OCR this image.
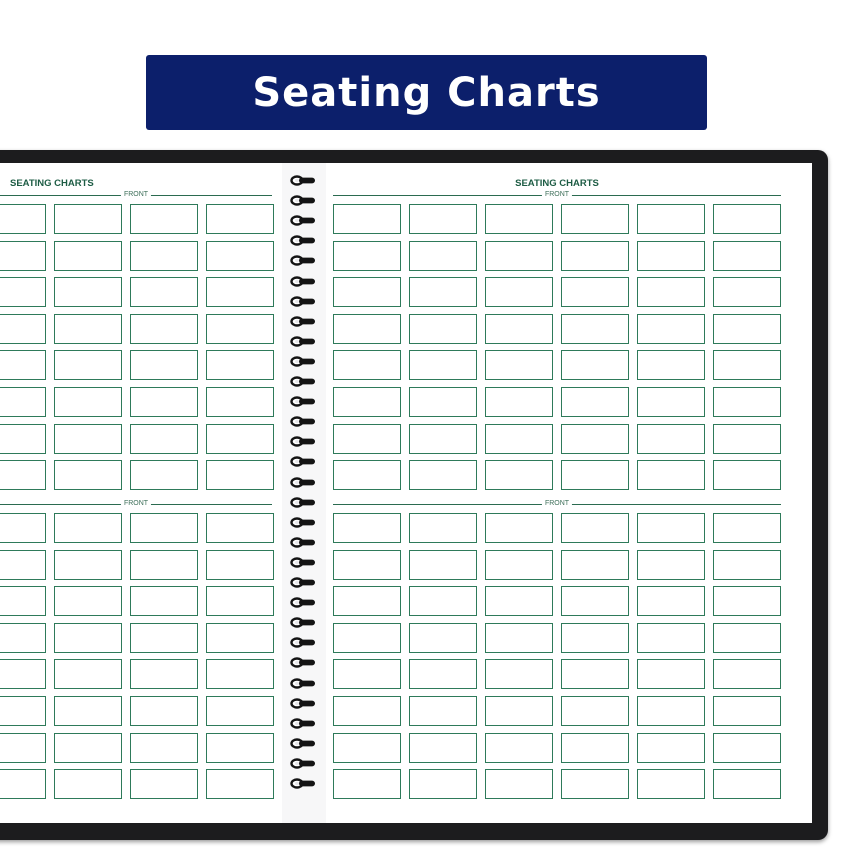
Seating Charts
SEATING CHARTS	SEATING CHARTS
FRONT	FRONT
FRONT	FRONT
